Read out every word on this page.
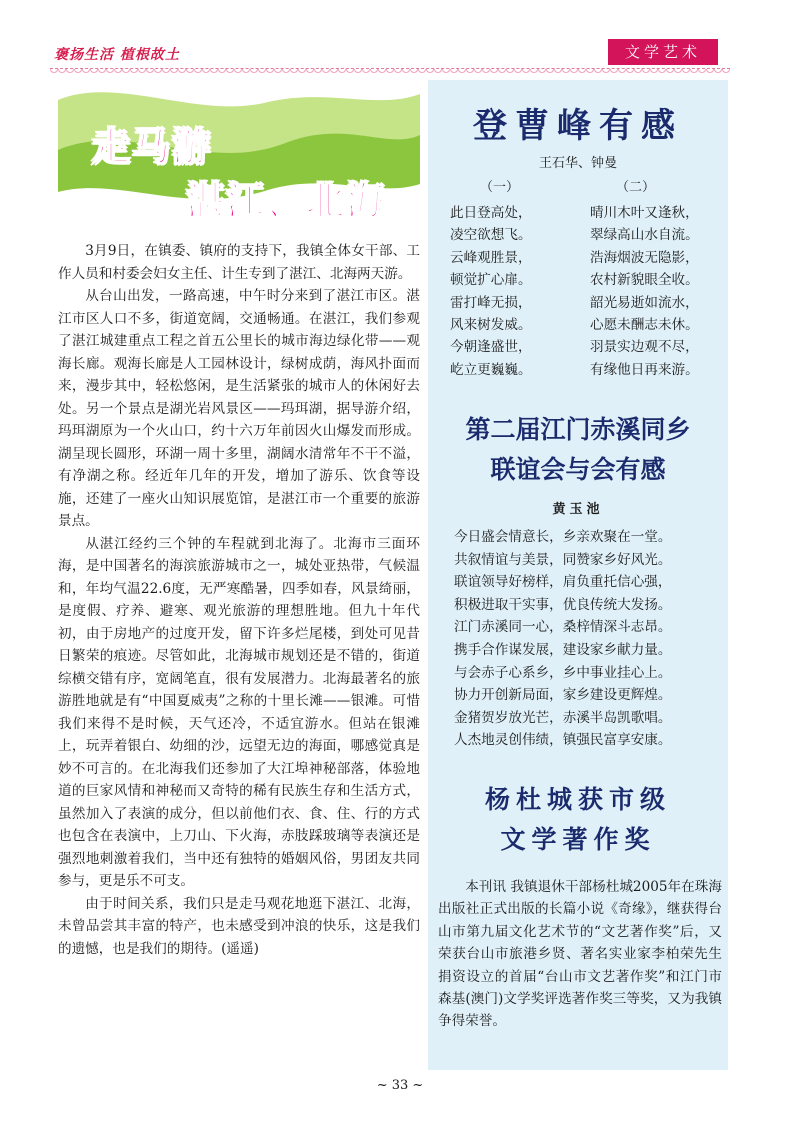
褒扬生活 植根故土	文学艺术
走马游
湛江、北海

3月9日，在镇委、镇府的支持下，我镇全体女干部、工作人员和村委会妇女主任、计生专到了湛江、北海两天游。

从台山出发，一路高速，中午时分来到了湛江市区。湛江市区人口不多，街道宽阔，交通畅通。在湛江，我们参观了湛江城建重点工程之首五公里长的城市海边绿化带——观海长廊。观海长廊是人工园林设计，绿树成荫，海风扑面而来，漫步其中，轻松悠闲，是生活紧张的城市人的休闲好去处。另一个景点是湖光岩风景区——玛珥湖，据导游介绍，玛珥湖原为一个火山口，约十六万年前因火山爆发而形成。湖呈现长圆形，环湖一周十多里，湖阔水清常年不干不溢，有净湖之称。经近年几年的开发，增加了游乐、饮食等设施，还建了一座火山知识展览馆，是湛江市一个重要的旅游景点。

从湛江经约三个钟的车程就到北海了。北海市三面环海，是中国著名的海滨旅游城市之一，城处亚热带，气候温和，年均气温22.6度，无严寒酷暑，四季如春，风景绮丽，是度假、疗养、避寒、观光旅游的理想胜地。但九十年代初，由于房地产的过度开发，留下许多烂尾楼，到处可见昔日繁荣的痕迹。尽管如此，北海城市规划还是不错的，街道综横交错有序，宽阔笔直，很有发展潜力。北海最著名的旅游胜地就是有“中国夏威夷”之称的十里长滩——银滩。可惜我们来得不是时候，天气还冷，不适宜游水。但站在银滩上，玩弄着银白、幼细的沙，远望无边的海面，哪感觉真是妙不可言的。在北海我们还参加了大江埠神秘部落，体验地道的巨家风情和神秘而又奇特的稀有民族生存和生活方式，虽然加入了表演的成分，但以前他们衣、食、住、行的方式也包含在表演中，上刀山、下火海，赤肢踩玻璃等表演还是强烈地刺激着我们，当中还有独特的婚姻风俗，男团友共同参与，更是乐不可支。

由于时间关系，我们只是走马观花地逛下湛江、北海，未曾品尝其丰富的特产，也未感受到冲浪的快乐，这是我们的遗憾，也是我们的期待。(遥遥)

登曹峰有感
王石华、钟曼
（一）	（二）
此日登高处，	晴川木叶又逢秋，
凌空欲想飞。	翠绿高山水自流。
云峰观胜景，	浩海烟波无隐影，
顿觉扩心扉。	农村新貌眼全收。
雷打峰无损，	韶光易逝如流水，
风来树发威。	心愿未酬志未休。
今朝逢盛世，	羽景实边观不尽，
屹立更巍巍。	有缘他日再来游。
第二届江门赤溪同乡
联谊会与会有感
黄玉池
今日盛会情意长，乡亲欢聚在一堂。
共叙情谊与美景，同赞家乡好风光。
联谊领导好榜样，肩负重托信心强，
积极进取干实事，优良传统大发扬。
江门赤溪同一心，桑梓情深斗志昂。
携手合作谋发展，建设家乡献力量。
与会赤子心系乡，乡中事业挂心上。
协力开创新局面，家乡建设更辉煌。
金猪贺岁放光芒，赤溪半岛凯歌唱。
人杰地灵创伟绩，镇强民富享安康。
杨杜城获市级
文学著作奖

本刊讯 我镇退休干部杨杜城2005年在珠海出版社正式出版的长篇小说《奇缘》，继获得台山市第九届文化艺术节的“文艺著作奖”后，又荣获台山市旅港乡贤、著名实业家李柏荣先生捐资设立的首届“台山市文艺著作奖”和江门市森基(澳门)文学奖评选著作奖三等奖，又为我镇争得荣誉。

~ 33 ~
